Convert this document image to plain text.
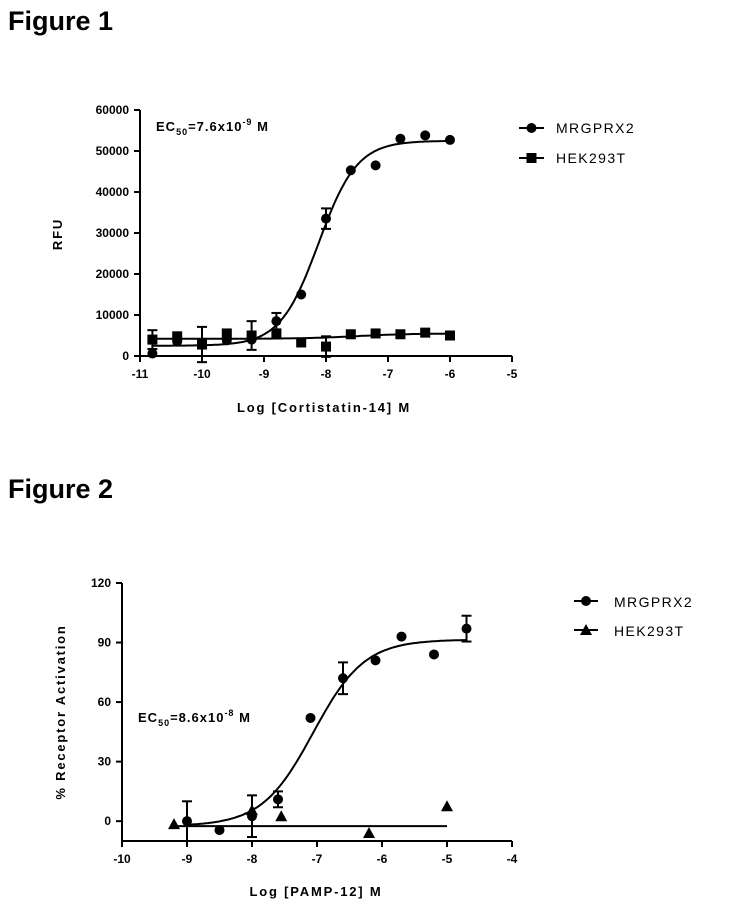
Figure 1
Figure 2
-11	-10	-9	-8	-7	-6	-5
0
10000
20000
30000
40000
50000
60000
$EC_{50}=7.6x10^{-9}$ M
Log [Cortistatin-14] M
RFU
MRGPRX2
HEK293T
-10	-9	-8	-7	-6	-5	-4
0
30
60
90
120
$EC_{50}=8.6x10^{-8}$ M
Log [PAMP-12] M
% Receptor Activation
MRGPRX2
HEK293T
